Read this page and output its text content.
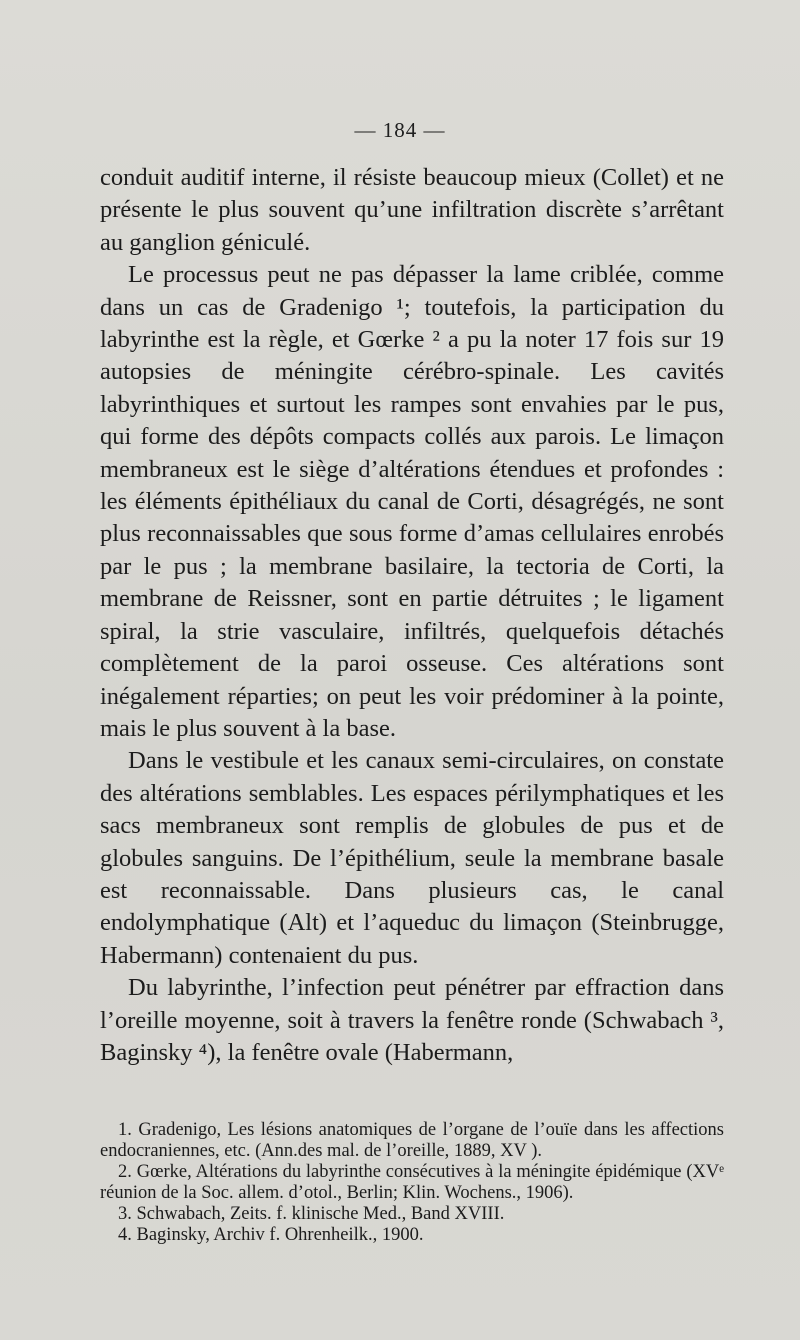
— 184 —

conduit auditif interne, il résiste beaucoup mieux (Collet) et ne présente le plus souvent qu’une infiltration discrète s’arrêtant au ganglion géniculé.

Le processus peut ne pas dépasser la lame criblée, comme dans un cas de Gradenigo ¹; toutefois, la participation du labyrinthe est la règle, et Gœrke ² a pu la noter 17 fois sur 19 autopsies de méningite cérébro-spinale. Les cavités labyrinthiques et surtout les rampes sont envahies par le pus, qui forme des dépôts compacts collés aux parois. Le limaçon membraneux est le siège d’altérations étendues et profondes : les éléments épithéliaux du canal de Corti, désagrégés, ne sont plus reconnaissables que sous forme d’amas cellulaires enrobés par le pus ; la membrane basilaire, la tectoria de Corti, la membrane de Reissner, sont en partie détruites ; le ligament spiral, la strie vasculaire, infiltrés, quelquefois détachés complètement de la paroi osseuse. Ces altérations sont inégalement réparties; on peut les voir prédominer à la pointe, mais le plus souvent à la base.

Dans le vestibule et les canaux semi-circulaires, on constate des altérations semblables. Les espaces périlymphatiques et les sacs membraneux sont remplis de globules de pus et de globules sanguins. De l’épithélium, seule la membrane basale est reconnaissable. Dans plusieurs cas, le canal endolymphatique (Alt) et l’aqueduc du limaçon (Steinbrugge, Habermann) contenaient du pus.

Du labyrinthe, l’infection peut pénétrer par effraction dans l’oreille moyenne, soit à travers la fenêtre ronde (Schwabach ³, Baginsky ⁴), la fenêtre ovale (Habermann,

1. Gradenigo, Les lésions anatomiques de l’organe de l’ouïe dans les affections endocraniennes, etc. (Ann.des mal. de l’oreille, 1889, XV ).

2. Gœrke, Altérations du labyrinthe consécutives à la méningite épidémique (XVᵉ réunion de la Soc. allem. d’otol., Berlin; Klin. Wochens., 1906).

3. Schwabach, Zeits. f. klinische Med., Band XVIII.

4. Baginsky, Archiv f. Ohrenheilk., 1900.
